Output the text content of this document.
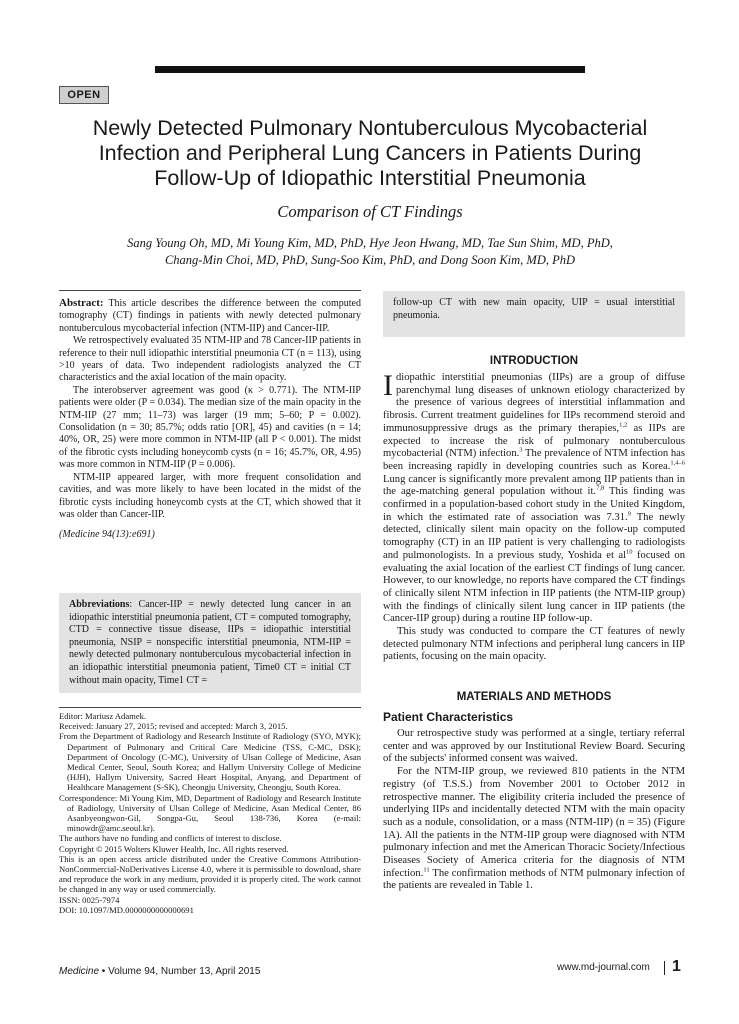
OPEN
Newly Detected Pulmonary Nontuberculous Mycobacterial
Infection and Peripheral Lung Cancers in Patients During
Follow-Up of Idiopathic Interstitial Pneumonia
Comparison of CT Findings
Sang Young Oh, MD, Mi Young Kim, MD, PhD, Hye Jeon Hwang, MD, Tae Sun Shim, MD, PhD,
Chang-Min Choi, MD, PhD, Sung-Soo Kim, PhD, and Dong Soon Kim, MD, PhD

Abstract: This article describes the difference between the computed tomography (CT) findings in patients with newly detected pulmonary nontuberculous mycobacterial infection (NTM-IIP) and Cancer-IIP.

We retrospectively evaluated 35 NTM-IIP and 78 Cancer-IIP patients in reference to their null idiopathic interstitial pneumonia CT (n = 113), using >10 years of data. Two independent radiologists analyzed the CT characteristics and the axial location of the main opacity.

The interobserver agreement was good (κ > 0.771). The NTM-IIP patients were older (P = 0.034). The median size of the main opacity in the NTM-IIP (27 mm; 11–73) was larger (19 mm; 5–60; P = 0.002). Consolidation (n = 30; 85.7%; odds ratio [OR], 45) and cavities (n = 14; 40%, OR, 25) were more common in NTM-IIP (all P < 0.001). The midst of the fibrotic cysts including honeycomb cysts (n = 16; 45.7%, OR, 4.95) was more common in NTM-IIP (P = 0.006).

NTM-IIP appeared larger, with more frequent consolidation and cavities, and was more likely to have been located in the midst of the fibrotic cysts including honeycomb cysts at the CT, which showed that it was older than Cancer-IIP.

(Medicine 94(13):e691)

Abbreviations: Cancer-IIP = newly detected lung cancer in an idiopathic interstitial pneumonia patient, CT = computed tomography, CTD = connective tissue disease, IIPs = idiopathic interstitial pneumonia, NSIP = nonspecific interstitial pneumonia, NTM-IIP = newly detected pulmonary nontuberculous mycobacterial infection in an idiopathic interstitial pneumonia patient, Time0 CT = initial CT without main opacity, Time1 CT =

Editor: Mariusz Adamek.

Received: January 27, 2015; revised and accepted: March 3, 2015.

From the Department of Radiology and Research Institute of Radiology (SYO, MYK); Department of Pulmonary and Critical Care Medicine (TSS, C-MC, DSK); Department of Oncology (C-MC), University of Ulsan College of Medicine, Asan Medical Center, Seoul, South Korea; and Hallym University College of Medicine (HJH), Hallym University, Sacred Heart Hospital, Anyang, and Department of Healthcare Management (S-SK), Cheongju University, Cheongju, South Korea.

Correspondence: Mi Young Kim, MD, Department of Radiology and Research Institute of Radiology, University of Ulsan College of Medicine, Asan Medical Center, 86 Asanbyeongwon-Gil, Songpa-Gu, Seoul 138-736, Korea (e-mail: minowdr@amc.seoul.kr).

The authors have no funding and conflicts of interest to disclose.

Copyright © 2015 Wolters Kluwer Health, Inc. All rights reserved.

This is an open access article distributed under the Creative Commons Attribution-NonCommercial-NoDerivatives License 4.0, where it is permissible to download, share and reproduce the work in any medium, provided it is properly cited. The work cannot be changed in any way or used commercially.

ISSN: 0025-7974

DOI: 10.1097/MD.0000000000000691

follow-up CT with new main opacity, UIP = usual interstitial pneumonia.
INTRODUCTION

Idiopathic interstitial pneumonias (IIPs) are a group of diffuse parenchymal lung diseases of unknown etiology characterized by the presence of various degrees of interstitial inflammation and fibrosis. Current treatment guidelines for IIPs recommend steroid and immunosuppressive drugs as the primary therapies,$^{1,2}$ as IIPs are expected to increase the risk of pulmonary nontuberculous mycobacterial (NTM) infection.$^3$ The prevalence of NTM infection has been increasing rapidly in developing countries such as Korea.$^{1,4-6}$ Lung cancer is significantly more prevalent among IIP patients than in the age-matching general population without it.$^{7,8}$ This finding was confirmed in a population-based cohort study in the United Kingdom, in which the estimated rate of association was 7.31.$^9$ The newly detected, clinically silent main opacity on the follow-up computed tomography (CT) in an IIP patient is very challenging to radiologists and pulmonologists. In a previous study, Yoshida et $al^{10}$ focused on evaluating the axial location of the earliest CT findings of lung cancer. However, to our knowledge, no reports have compared the CT findings of clinically silent NTM infection in IIP patients (the NTM-IIP group) with the findings of clinically silent lung cancer in IIP patients (the Cancer-IIP group) during a routine IIP follow-up.

This study was conducted to compare the CT features of newly detected pulmonary NTM infections and peripheral lung cancers in IIP patients, focusing on the main opacity.

MATERIALS AND METHODS
Patient Characteristics

Our retrospective study was performed at a single, tertiary referral center and was approved by our Institutional Review Board. Securing of the subjects' informed consent was waived.

For the NTM-IIP group, we reviewed 810 patients in the NTM registry (of T.S.S.) from November 2001 to October 2012 in retrospective manner. The eligibility criteria included the presence of underlying IIPs and incidentally detected NTM with the main opacity such as a nodule, consolidation, or a mass (NTM-IIP) (n = 35) (Figure 1A). All the patients in the NTM-IIP group were diagnosed with NTM pulmonary infection and met the American Thoracic Society/Infectious Diseases Society of America criteria for the diagnosis of NTM infection.$^{11}$ The confirmation methods of NTM pulmonary infection of the patients are revealed in Table 1.

Medicine • Volume 94, Number 13, April 2015	www.md-journal.com 1
